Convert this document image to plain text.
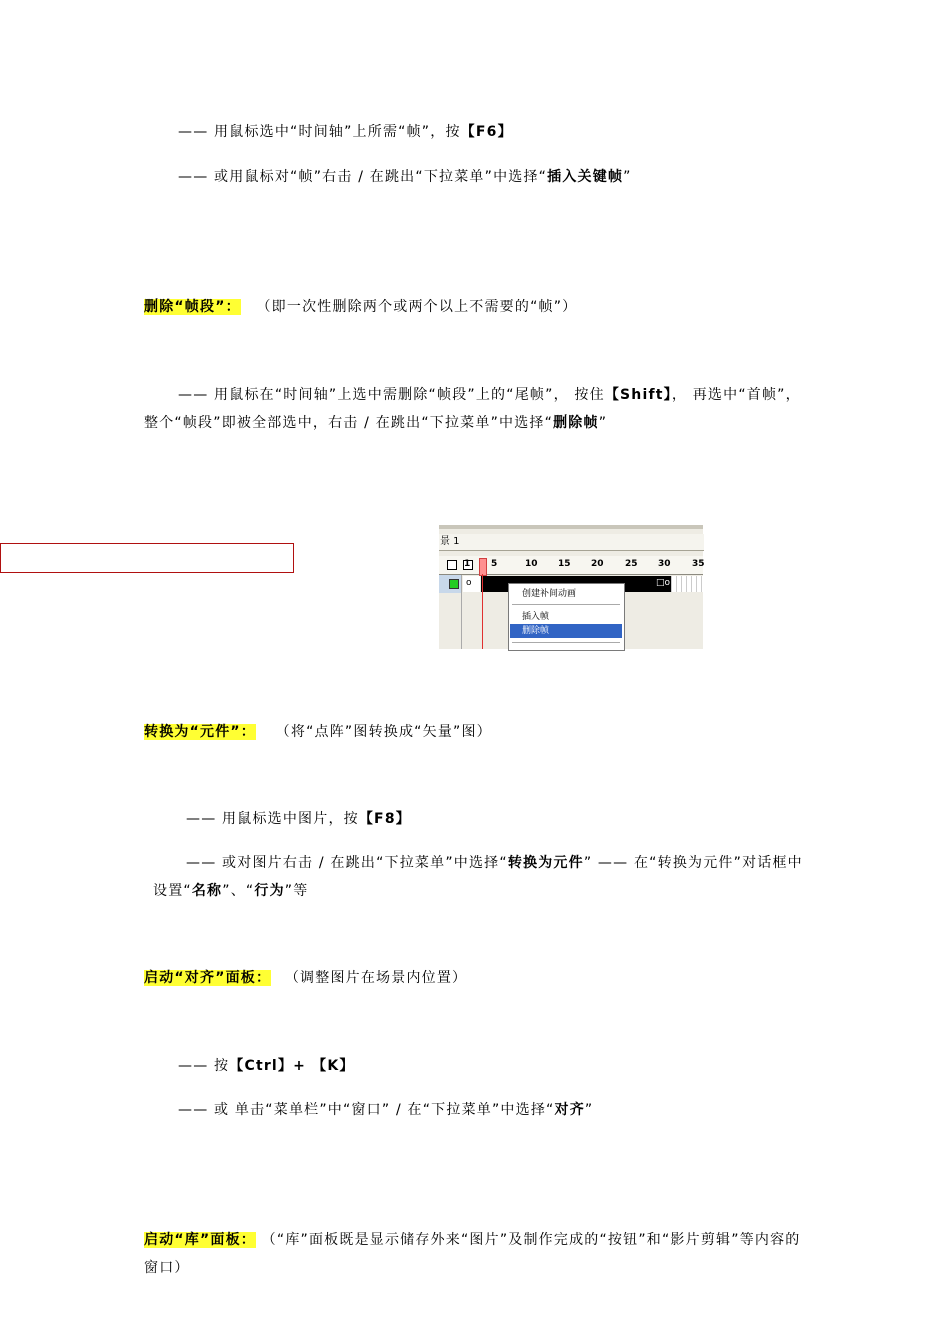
—— 用鼠标选中“时间轴”上所需“帧”，按【F6】
—— 或用鼠标对“帧”右击 / 在跳出“下拉菜单”中选择“插入关键帧”
删除“帧段”： （即一次性删除两个或两个以上不需要的“帧”）
—— 用鼠标在“时间轴”上选中需删除“帧段”上的“尾帧”， 按住【Shift】， 再选中“首帧”，整个“帧段”即被全部选中，右击 / 在跳出“下拉菜单”中选择“删除帧”
景 1
1 5	10 15 20 25 30 35
o	□o
创建补间动画
插入帧
删除帧
转换为“元件”： （将“点阵”图转换成“矢量”图）
—— 用鼠标选中图片，按【F8】
—— 或对图片右击 / 在跳出“下拉菜单”中选择“转换为元件” —— 在“转换为元件”对话框中设置“名称”、“行为”等
启动“对齐”面板： （调整图片在场景内位置）
—— 按【Ctrl】+ 【K】
—— 或 单击“菜单栏”中“窗口” / 在“下拉菜单”中选择“对齐”
启动“库”面板： （“库”面板既是显示储存外来“图片”及制作完成的“按钮”和“影片剪辑”等内容的窗口）
